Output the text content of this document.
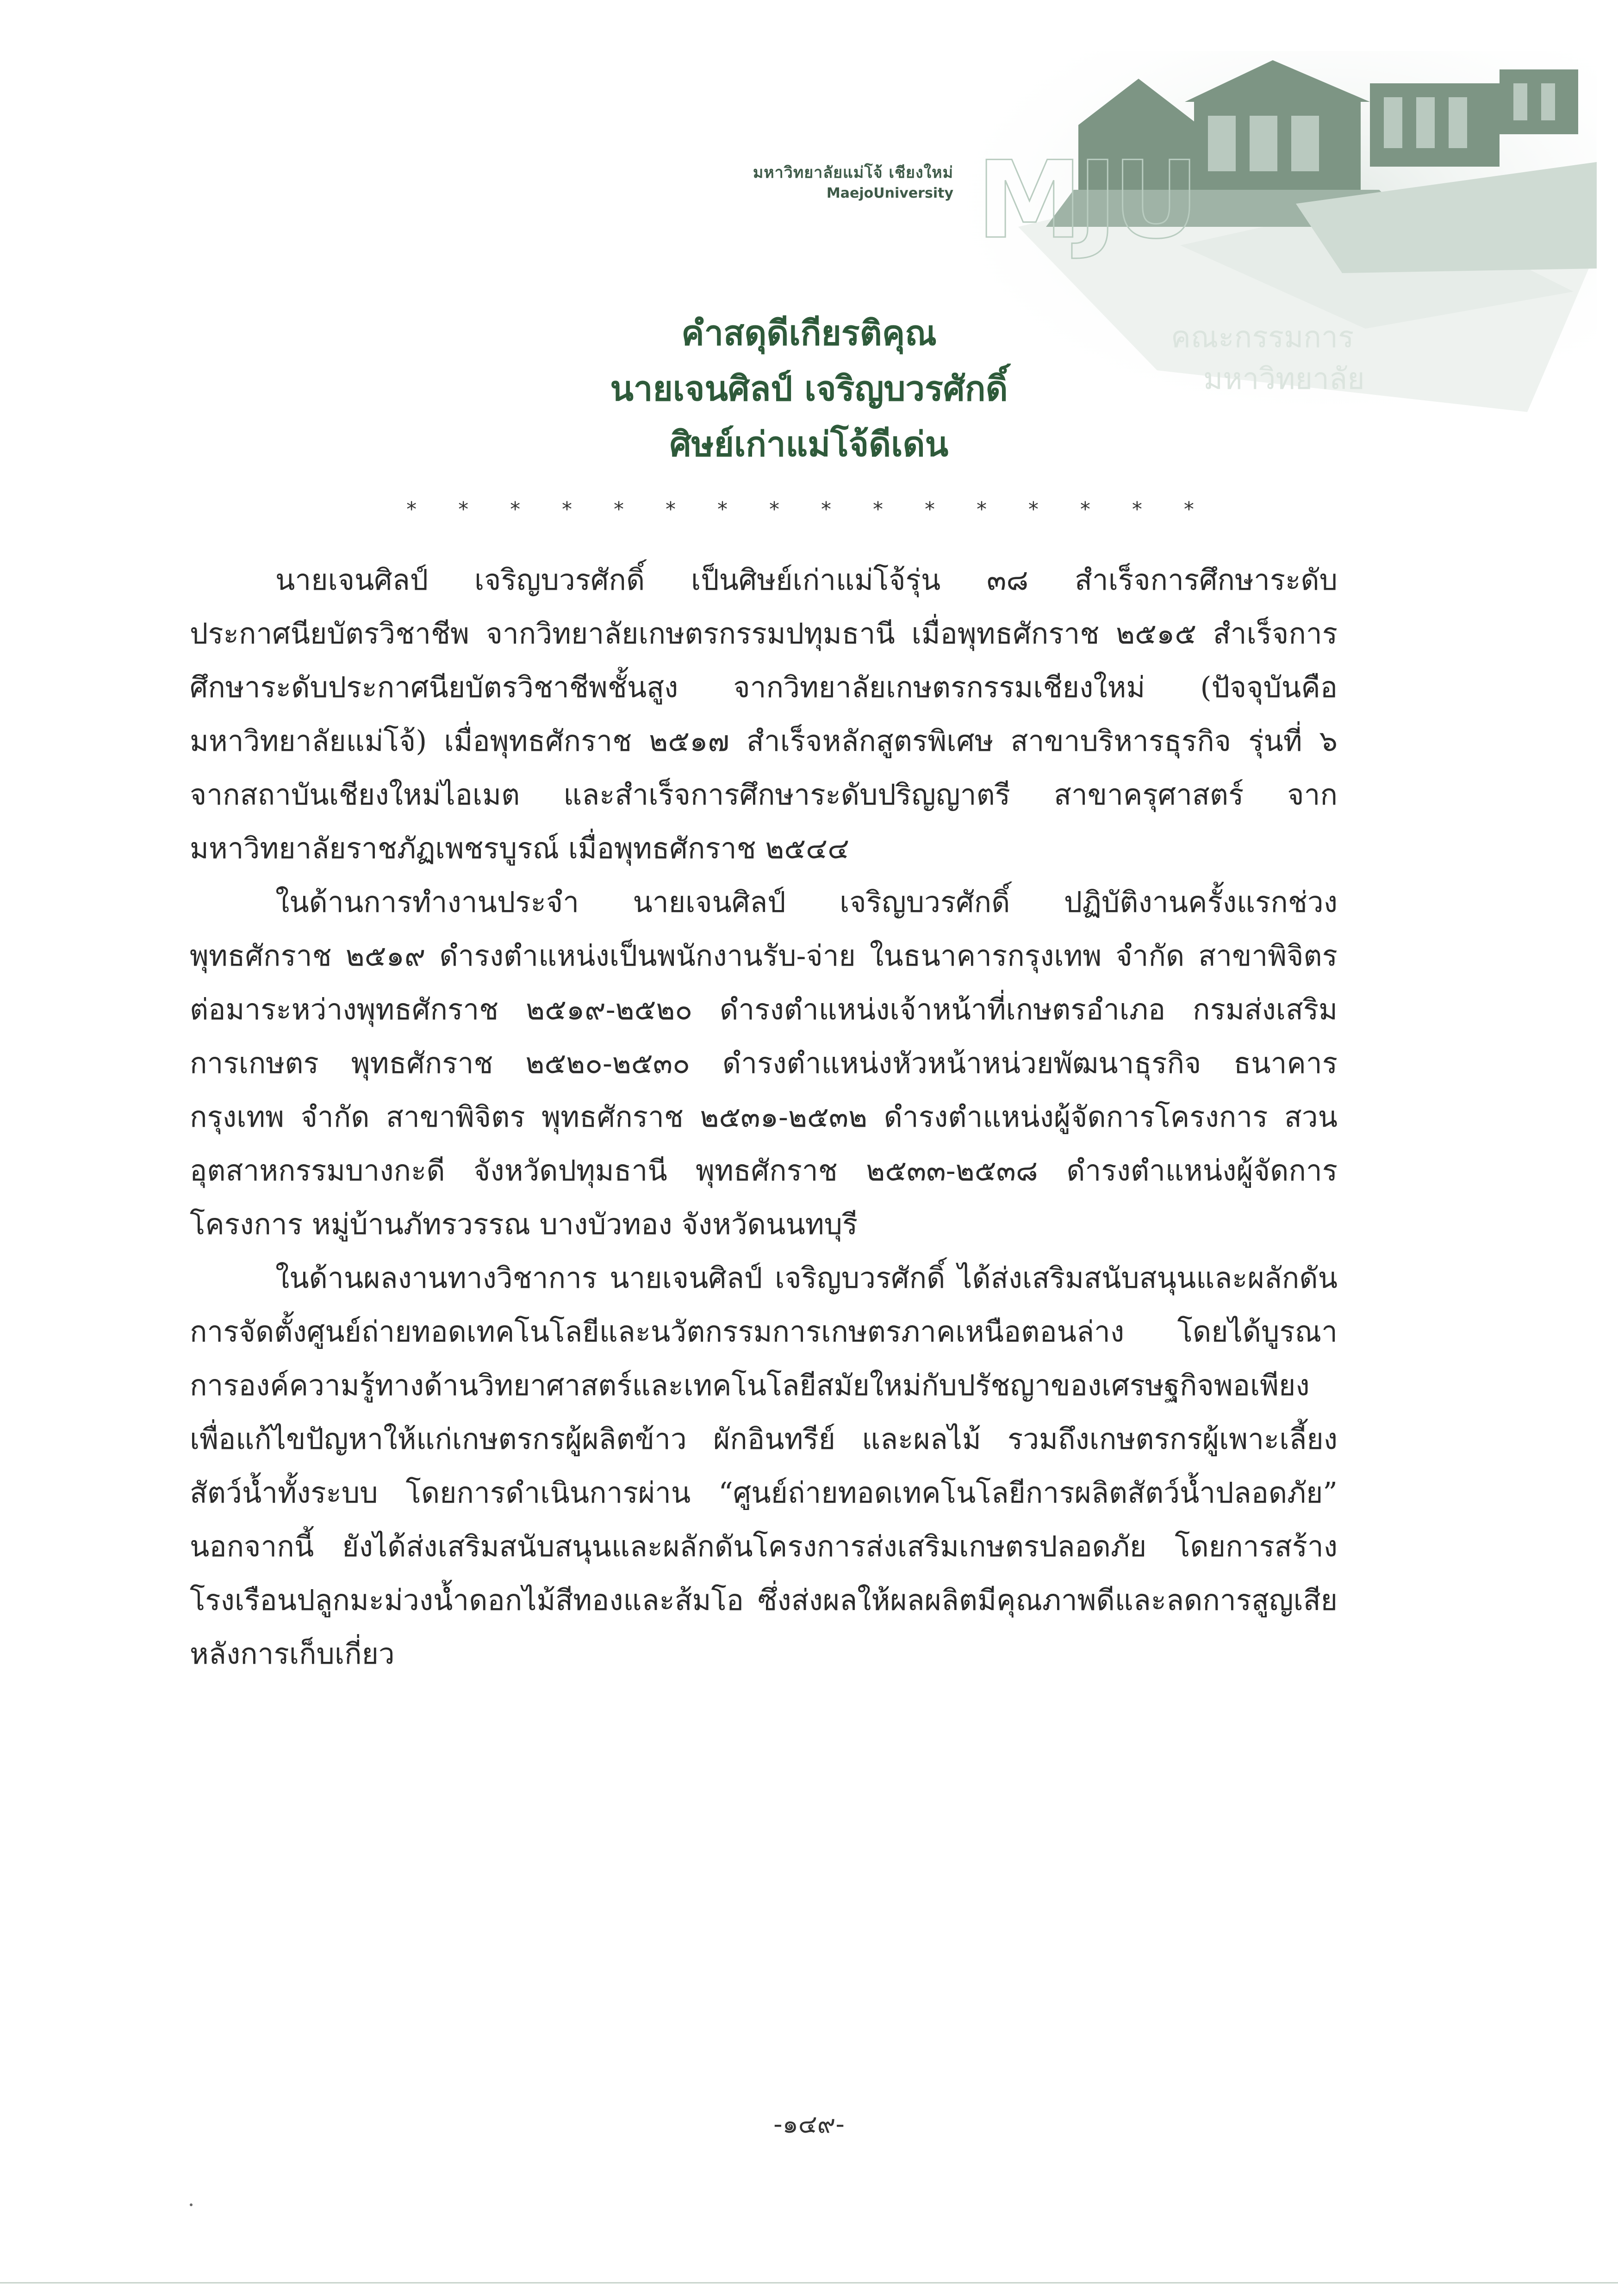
คณะกรรมการ
มหาวิทยาลัย
MJU
มหาวิทยาลัยแม่โจ้ เชียงใหม่
MaejoUniversity
คำสดุดีเกียรติคุณ
นายเจนศิลป์ เจริญบวรศักดิ์
ศิษย์เก่าแม่โจ้ดีเด่น
* * * * * * * * * * * * * * * *

นายเจนศิลป์ เจริญบวรศักดิ์ เป็นศิษย์เก่าแม่โจ้รุ่น ๓๘ สำเร็จการศึกษาระดับประกาศนียบัตรวิชาชีพ จากวิทยาลัยเกษตรกรรมปทุมธานี เมื่อพุทธศักราช ๒๕๑๕ สำเร็จการศึกษาระดับประกาศนียบัตรวิชาชีพชั้นสูง จากวิทยาลัยเกษตรกรรมเชียงใหม่ (ปัจจุบันคือ มหาวิทยาลัยแม่โจ้) เมื่อพุทธศักราช ๒๕๑๗ สำเร็จหลักสูตรพิเศษ สาขาบริหารธุรกิจ รุ่นที่ ๖ จากสถาบันเชียงใหม่ไอเมต และสำเร็จการศึกษาระดับปริญญาตรี สาขาครุศาสตร์ จากมหาวิทยาลัยราชภัฏเพชรบูรณ์ เมื่อพุทธศักราช ๒๕๔๔

ในด้านการทำงานประจำ นายเจนศิลป์ เจริญบวรศักดิ์ ปฏิบัติงานครั้งแรกช่วงพุทธศักราช ๒๕๑๙ ดำรงตำแหน่งเป็นพนักงานรับ-จ่าย ในธนาคารกรุงเทพ จำกัด สาขาพิจิตร ต่อมาระหว่างพุทธศักราช ๒๕๑๙-๒๕๒๐ ดำรงตำแหน่งเจ้าหน้าที่เกษตรอำเภอ กรมส่งเสริมการเกษตร พุทธศักราช ๒๕๒๐-๒๕๓๐ ดำรงตำแหน่งหัวหน้าหน่วยพัฒนาธุรกิจ ธนาคารกรุงเทพ จำกัด สาขาพิจิตร พุทธศักราช ๒๕๓๑-๒๕๓๒ ดำรงตำแหน่งผู้จัดการโครงการ สวนอุตสาหกรรมบางกะดี จังหวัดปทุมธานี พุทธศักราช ๒๕๓๓-๒๕๓๘ ดำรงตำแหน่งผู้จัดการโครงการ หมู่บ้านภัทรวรรณ บางบัวทอง จังหวัดนนทบุรี

ในด้านผลงานทางวิชาการ นายเจนศิลป์ เจริญบวรศักดิ์ ได้ส่งเสริมสนับสนุนและผลักดันการจัดตั้งศูนย์ถ่ายทอดเทคโนโลยีและนวัตกรรมการเกษตรภาคเหนือตอนล่าง โดยได้บูรณาการองค์ความรู้ทางด้านวิทยาศาสตร์และเทคโนโลยีสมัยใหม่กับปรัชญาของเศรษฐกิจพอเพียง เพื่อแก้ไขปัญหาให้แก่เกษตรกรผู้ผลิตข้าว ผักอินทรีย์ และผลไม้ รวมถึงเกษตรกรผู้เพาะเลี้ยงสัตว์น้ำทั้งระบบ โดยการดำเนินการผ่าน “ศูนย์ถ่ายทอดเทคโนโลยีการผลิตสัตว์น้ำปลอดภัย” นอกจากนี้ ยังได้ส่งเสริมสนับสนุนและผลักดันโครงการส่งเสริมเกษตรปลอดภัย โดยการสร้างโรงเรือนปลูกมะม่วงน้ำดอกไม้สีทองและส้มโอ ซึ่งส่งผลให้ผลผลิตมีคุณภาพดีและลดการสูญเสียหลังการเก็บเกี่ยว

-๑๔๙-
